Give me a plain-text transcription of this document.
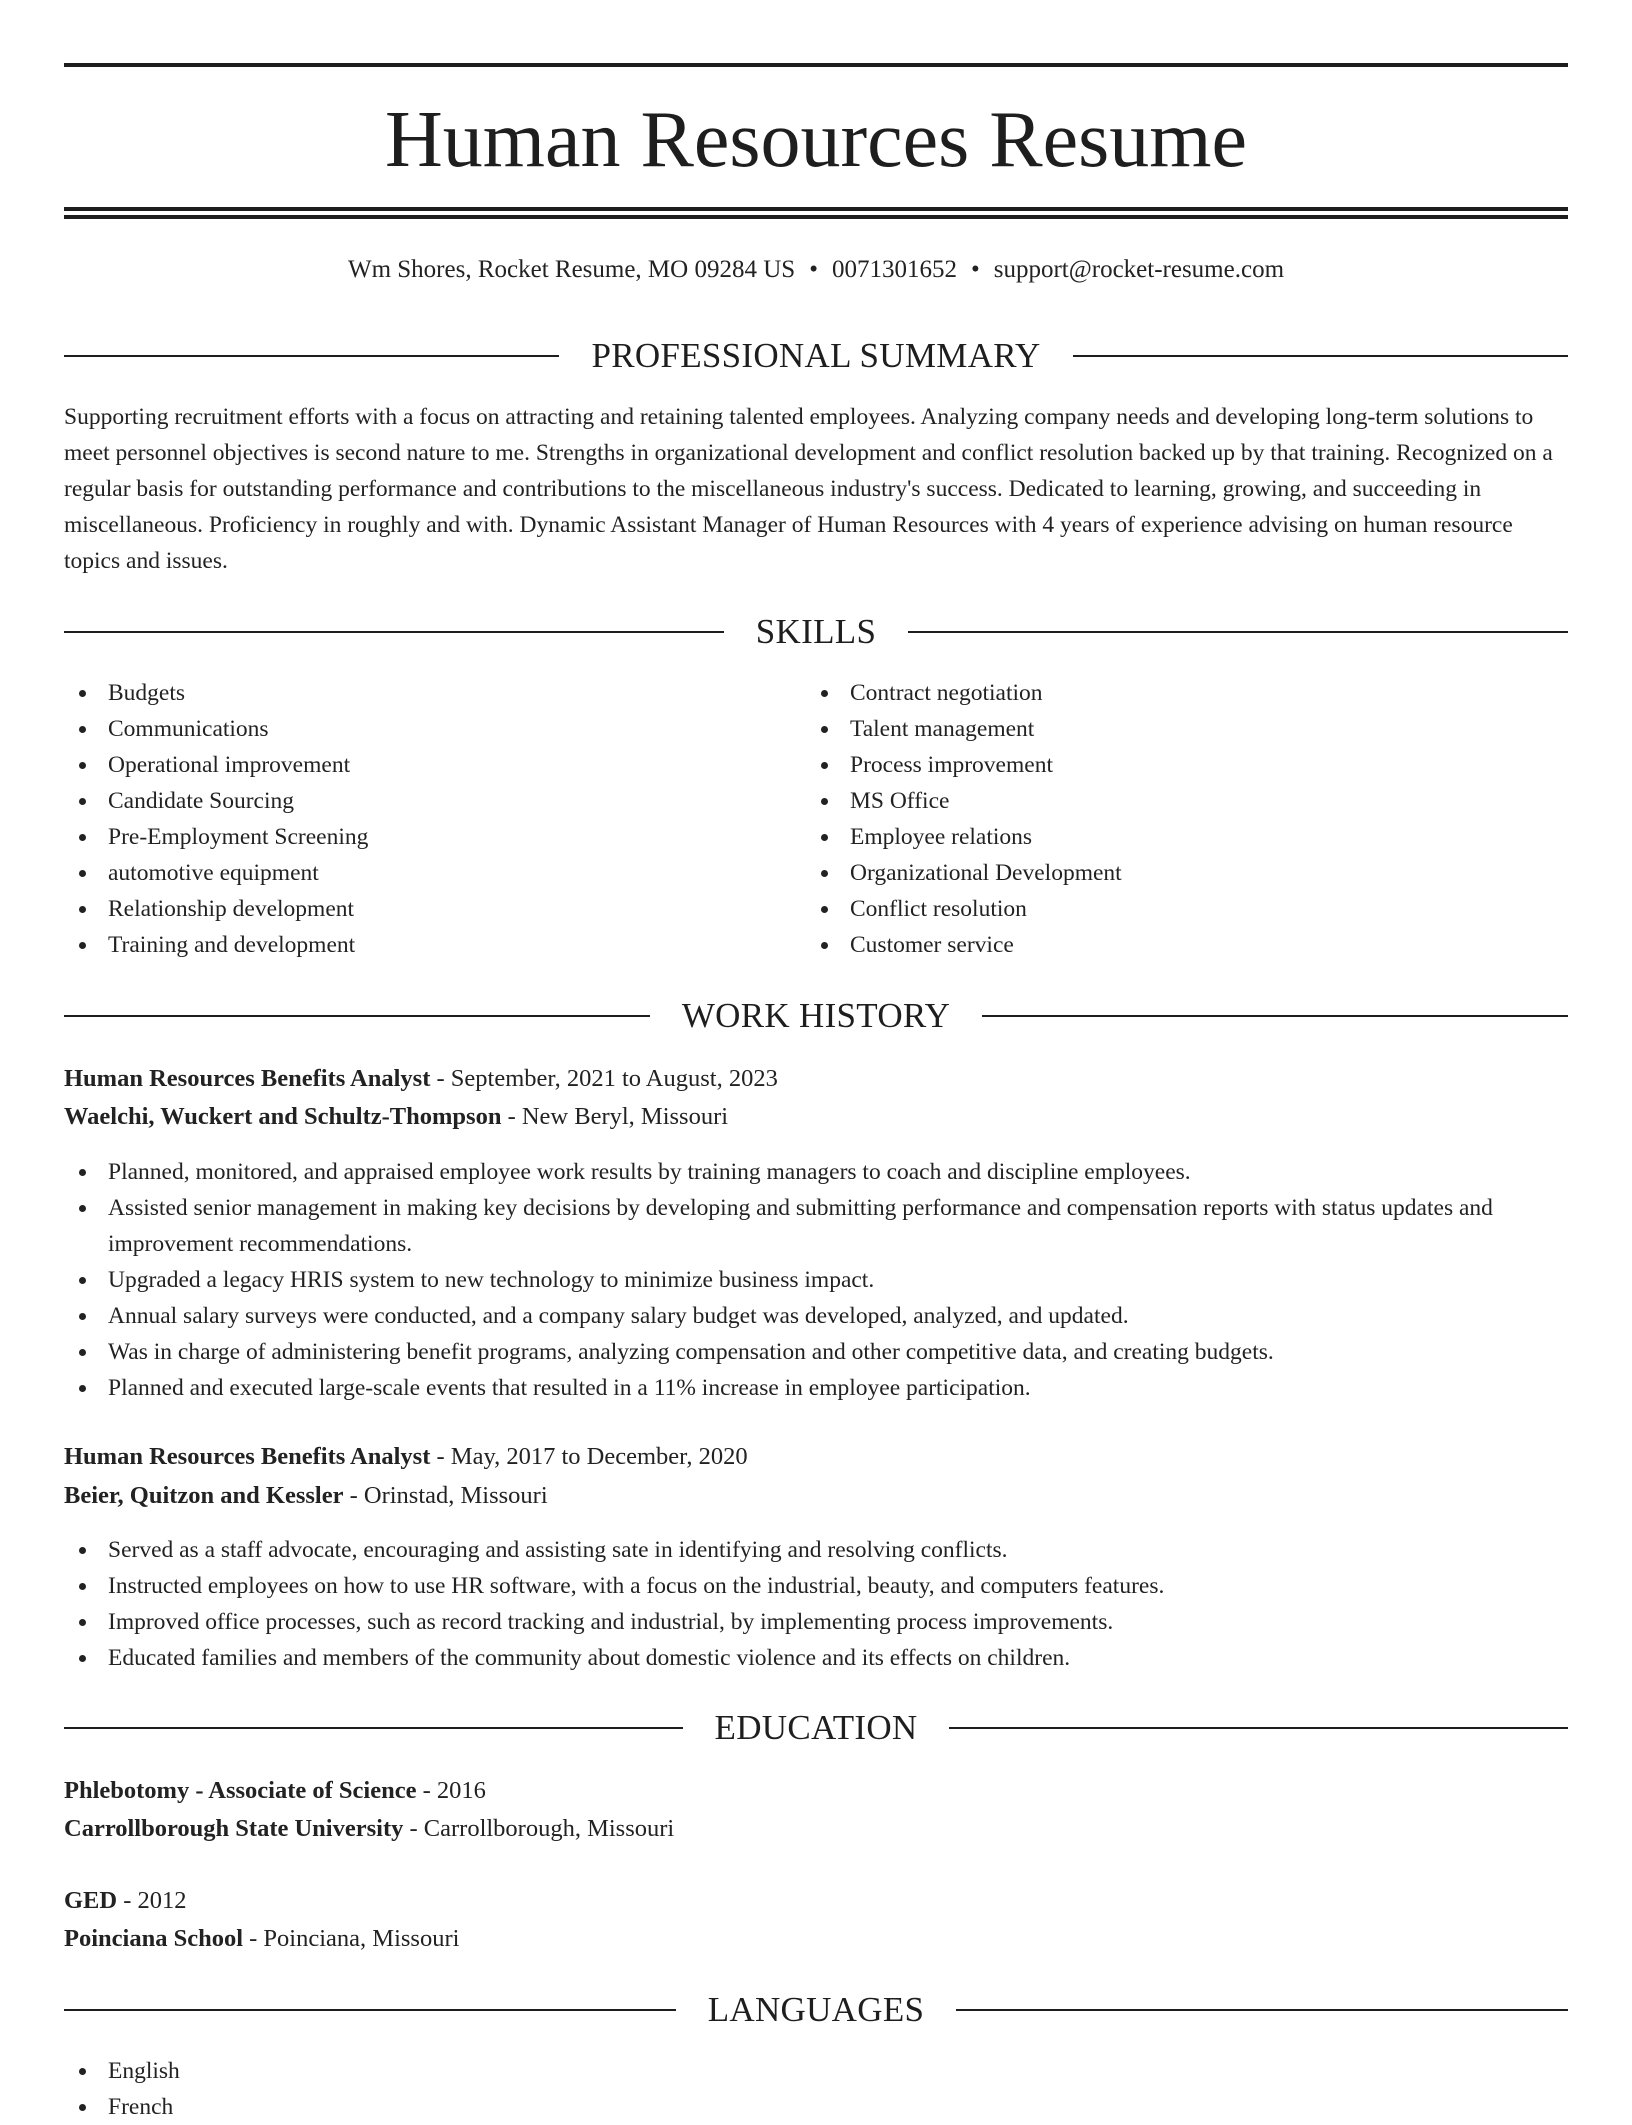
Human Resources Resume
Wm Shores, Rocket Resume, MO 09284 US • 0071301652 • support@rocket-resume.com
PROFESSIONAL SUMMARY

Supporting recruitment efforts with a focus on attracting and retaining talented employees. Analyzing company needs and developing long-term solutions to meet personnel objectives is second nature to me. Strengths in organizational development and conflict resolution backed up by that training. Recognized on a regular basis for outstanding performance and contributions to the miscellaneous industry's success. Dedicated to learning, growing, and succeeding in miscellaneous. Proficiency in roughly and with. Dynamic Assistant Manager of Human Resources with 4 years of experience advising on human resource topics and issues.

SKILLS
Budgets
Communications
Operational improvement
Candidate Sourcing
Pre-Employment Screening
automotive equipment
Relationship development
Training and development
Contract negotiation
Talent management
Process improvement
MS Office
Employee relations
Organizational Development
Conflict resolution
Customer service
WORK HISTORY
Human Resources Benefits Analyst - September, 2021 to August, 2023
Waelchi, Wuckert and Schultz-Thompson - New Beryl, Missouri
Planned, monitored, and appraised employee work results by training managers to coach and discipline employees.
Assisted senior management in making key decisions by developing and submitting performance and compensation reports with status updates and improvement recommendations.
Upgraded a legacy HRIS system to new technology to minimize business impact.
Annual salary surveys were conducted, and a company salary budget was developed, analyzed, and updated.
Was in charge of administering benefit programs, analyzing compensation and other competitive data, and creating budgets.
Planned and executed large-scale events that resulted in a 11% increase in employee participation.
Human Resources Benefits Analyst - May, 2017 to December, 2020
Beier, Quitzon and Kessler - Orinstad, Missouri
Served as a staff advocate, encouraging and assisting sate in identifying and resolving conflicts.
Instructed employees on how to use HR software, with a focus on the industrial, beauty, and computers features.
Improved office processes, such as record tracking and industrial, by implementing process improvements.
Educated families and members of the community about domestic violence and its effects on children.
EDUCATION
Phlebotomy - Associate of Science - 2016
Carrollborough State University - Carrollborough, Missouri
GED - 2012
Poinciana School - Poinciana, Missouri
LANGUAGES
English
French
